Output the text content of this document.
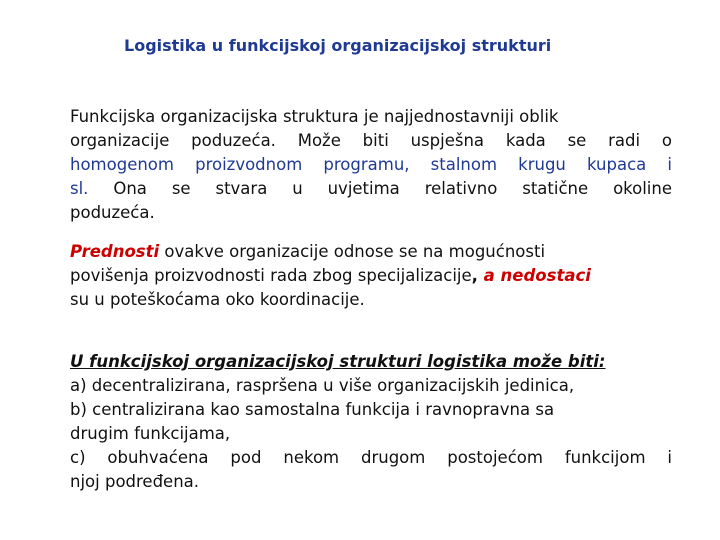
Logistika u funkcijskoj organizacijskoj strukturi
Funkcijska organizacijska struktura je najjednostavniji oblik
organizacije poduzeća. Može biti uspješna kada se radi o
homogenom proizvodnom programu, stalnom krugu kupaca i
sl. Ona se stvara u uvjetima relativno statične okoline
poduzeća.
Prednosti ovakve organizacije odnose se na mogućnosti
povišenja proizvodnosti rada zbog specijalizacije, a nedostaci
su u poteškoćama oko koordinacije.
U funkcijskoj organizacijskoj strukturi logistika može biti:
a) decentralizirana, raspršena u više organizacijskih jedinica,
b) centralizirana kao samostalna funkcija i ravnopravna sa
drugim funkcijama,
c) obuhvaćena pod nekom drugom postojećom funkcijom i
njoj podređena.
